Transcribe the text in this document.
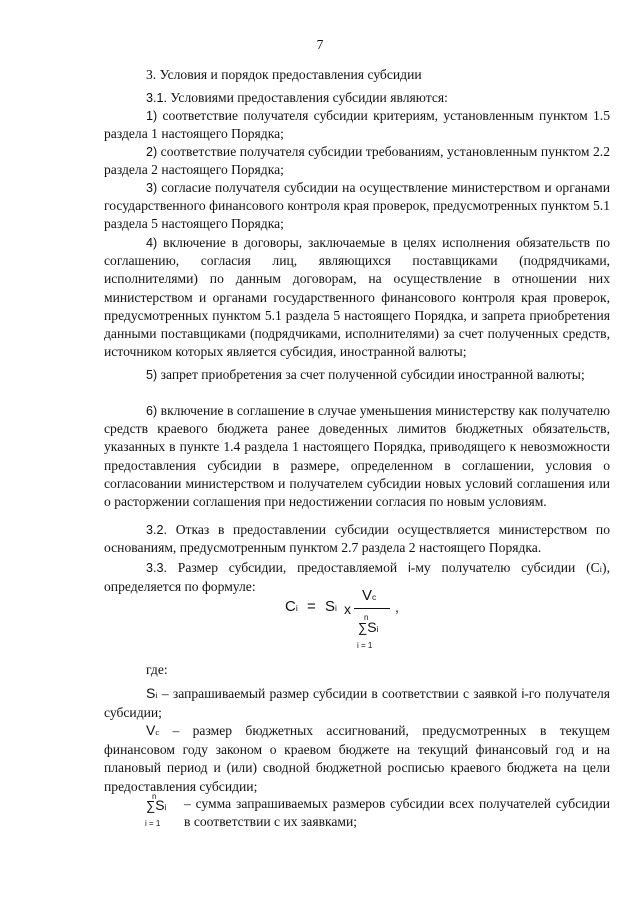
7

3. Условия и порядок предоставления субсидии

3.1. Условиями предоставления субсидии являются:

1) соответствие получателя субсидии критериям, установленным пунктом 1.5 раздела 1 настоящего Порядка;

2) соответствие получателя субсидии требованиям, установленным пунктом 2.2 раздела 2 настоящего Порядка;

3) согласие получателя субсидии на осуществление министерством и органами государственного финансового контроля края проверок, предусмотренных пунктом 5.1 раздела 5 настоящего Порядка;

4) включение в договоры, заключаемые в целях исполнения обязательств по соглашению, согласия лиц, являющихся поставщиками (подрядчиками, исполнителями) по данным договорам, на осуществление в отношении них министерством и органами государственного финансового контроля края проверок, предусмотренных пунктом 5.1 раздела 5 настоящего Порядка, и запрета приобретения данными поставщиками (подрядчиками, исполнителями) за счет полученных средств, источником которых является субсидия, иностранной валюты;

5) запрет приобретения за счет полученной субсидии иностранной валюты;

6) включение в соглашение в случае уменьшения министерству как получателю средств краевого бюджета ранее доведенных лимитов бюджетных обязательств, указанных в пункте 1.4 раздела 1 настоящего Порядка, приводящего к невозможности предоставления субсидии в размере, определенном в соглашении, условия о согласовании министерством и получателем субсидии новых условий соглашения или о расторжении соглашения при недостижении согласия по новым условиям.

3.2. Отказ в предоставлении субсидии осуществляется министерством по основаниям, предусмотренным пунктом 2.7 раздела 2 настоящего Порядка.

3.3. Размер субсидии, предоставляемой i-му получателю субсидии (Ci), определяется по формуле:

Ci = Si x
Vc
,
n
∑Si
i = 1
где:

Si – запрашиваемый размер субсидии в соответствии с заявкой i-го получателя субсидии;

Vc – размер бюджетных ассигнований, предусмотренных в текущем финансовом году законом о краевом бюджете на текущий финансовый год и на плановый период и (или) сводной бюджетной росписью краевого бюджета на цели предоставления субсидии;

n
∑Si
i = 1

– сумма запрашиваемых размеров субсидии всех получателей субсидии в соответствии с их заявками;
